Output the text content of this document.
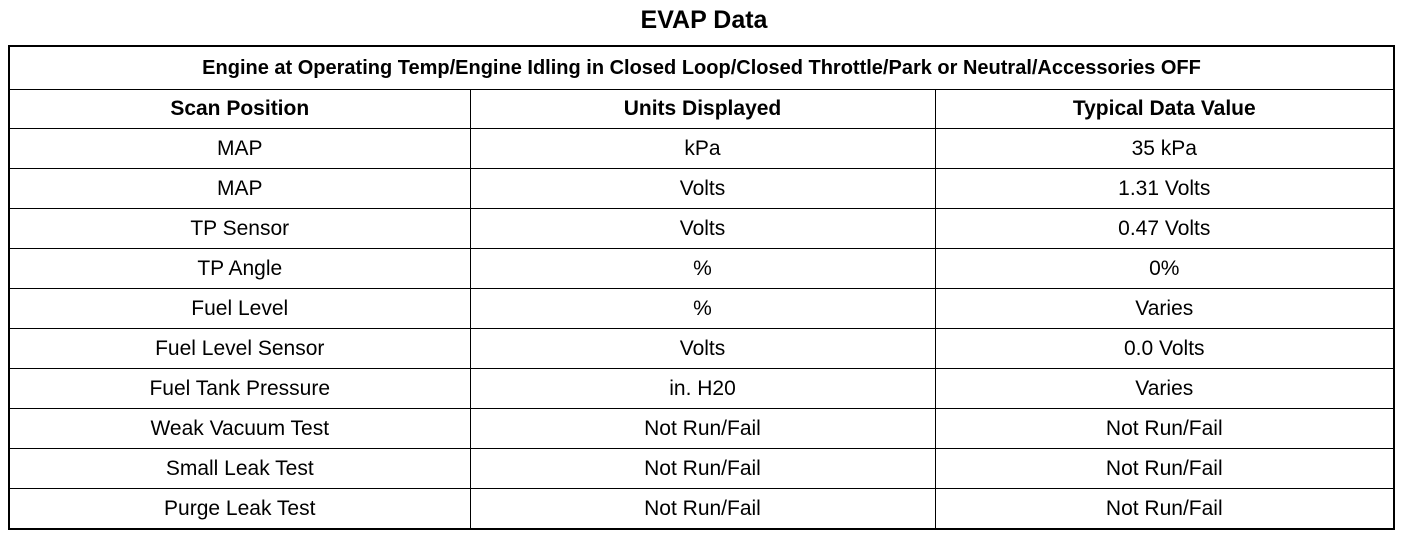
EVAP Data
Engine at Operating Temp/Engine Idling in Closed Loop/Closed Throttle/Park or Neutral/Accessories OFF		
Scan Position	Units Displayed	Typical Data Value
MAP	kPa	35 kPa
MAP	Volts	1.31 Volts
TP Sensor	Volts	0.47 Volts
TP Angle	%	0%
Fuel Level	%	Varies
Fuel Level Sensor	Volts	0.0 Volts
Fuel Tank Pressure	in. H20	Varies
Weak Vacuum Test	Not Run/Fail	Not Run/Fail
Small Leak Test	Not Run/Fail	Not Run/Fail
Purge Leak Test	Not Run/Fail	Not Run/Fail
